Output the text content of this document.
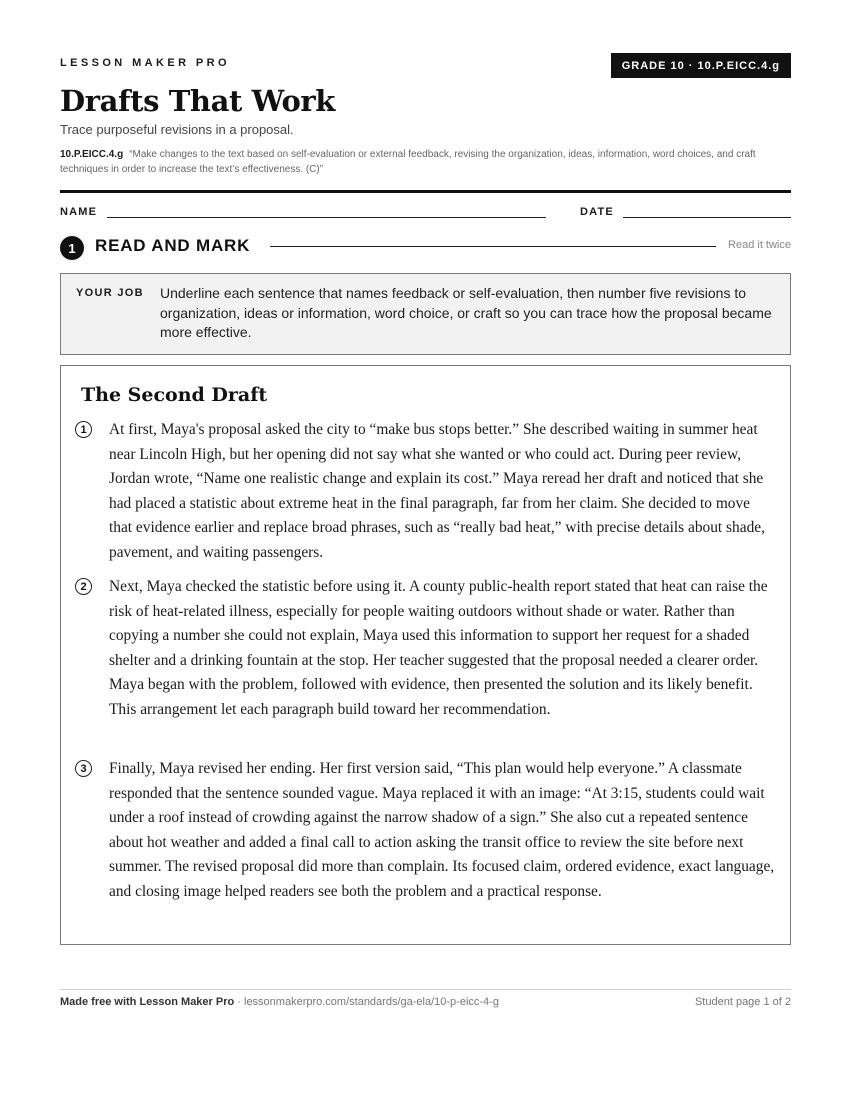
LESSON MAKER PRO	GRADE 10 · 10.P.EICC.4.g
Drafts That Work
Trace purposeful revisions in a proposal.
10.P.EICC.4.g “Make changes to the text based on self-evaluation or external feedback, revising the organization, ideas, information, word choices, and craft techniques in order to increase the text’s effectiveness. (C)”
NAME	DATE
1	READ AND MARK	Read it twice
YOUR JOB Underline each sentence that names feedback or self-evaluation, then number five revisions to organization, ideas or information, word choice, or craft so you can trace how the proposal became more effective.
The Second Draft
1	At first, Maya's proposal asked the city to “make bus stops better.” She described waiting in summer heat near Lincoln High, but her opening did not say what she wanted or who could act. During peer review, Jordan wrote, “Name one realistic change and explain its cost.” Maya reread her draft and noticed that she had placed a statistic about extreme heat in the final paragraph, far from her claim. She decided to move that evidence earlier and replace broad phrases, such as “really bad heat,” with precise details about shade, pavement, and waiting passengers.

2	Next, Maya checked the statistic before using it. A county public-health report stated that heat can raise the risk of heat-related illness, especially for people waiting outdoors without shade or water. Rather than copying a number she could not explain, Maya used this information to support her request for a shaded shelter and a drinking fountain at the stop. Her teacher suggested that the proposal needed a clearer order. Maya began with the problem, followed with evidence, then presented the solution and its likely benefit. This arrangement let each paragraph build toward her recommendation.

3	Finally, Maya revised her ending. Her first version said, “This plan would help everyone.” A classmate responded that the sentence sounded vague. Maya replaced it with an image: “At 3:15, students could wait under a roof instead of crowding against the narrow shadow of a sign.” She also cut a repeated sentence about hot weather and added a final call to action asking the transit office to review the site before next summer. The revised proposal did more than complain. Its focused claim, ordered evidence, exact language, and closing image helped readers see both the problem and a practical response.

Made free with Lesson Maker Pro · lessonmakerpro.com/standards/ga-ela/10-p-eicc-4-g	Student page 1 of 2
